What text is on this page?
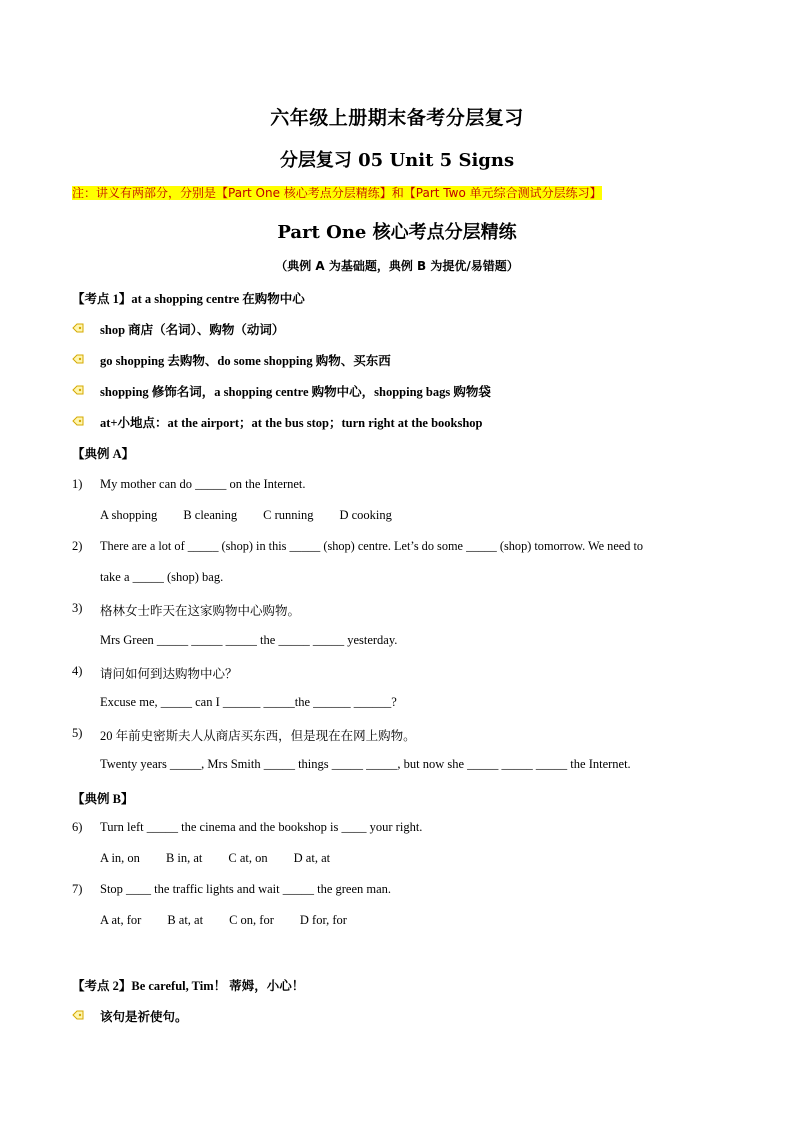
六年级上册期末备考分层复习
分层复习 05 Unit 5 Signs
注：讲义有两部分，分别是【Part One 核心考点分层精练】和【Part Two 单元综合测试分层练习】
Part One 核心考点分层精练
（典例 A 为基础题，典例 B 为提优/易错题）
【考点 1】at a shopping centre 在购物中心
shop 商店（名词）、购物（动词）
go shopping 去购物、do some shopping 购物、买东西
shopping 修饰名词，a shopping centre 购物中心，shopping bags 购物袋
at+小地点：at the airport；at the bus stop；turn right at the bookshop
【典例 A】
1) My mother can do _____ on the Internet.
A shopping B cleaning C running D cooking
2) There are a lot of _____ (shop) in this _____ (shop) centre. Let’s do some _____ (shop) tomorrow. We need to
take a _____ (shop) bag.
3) 格林女士昨天在这家购物中心购物。
Mrs Green _____ _____ _____ the _____ _____ yesterday.
4) 请问如何到达购物中心？
Excuse me, _____ can I ______ _____the ______ ______?
5) 20 年前史密斯夫人从商店买东西，但是现在在网上购物。
Twenty years _____, Mrs Smith _____ things _____ _____, but now she _____ _____ _____ the Internet.
【典例 B】
6) Turn left _____ the cinema and the bookshop is ____ your right.
A in, on B in, at C at, on D at, at
7) Stop ____ the traffic lights and wait _____ the green man.
A at, for B at, at C on, for D for, for
【考点 2】Be careful, Tim！ 蒂姆，小心！
该句是祈使句。
